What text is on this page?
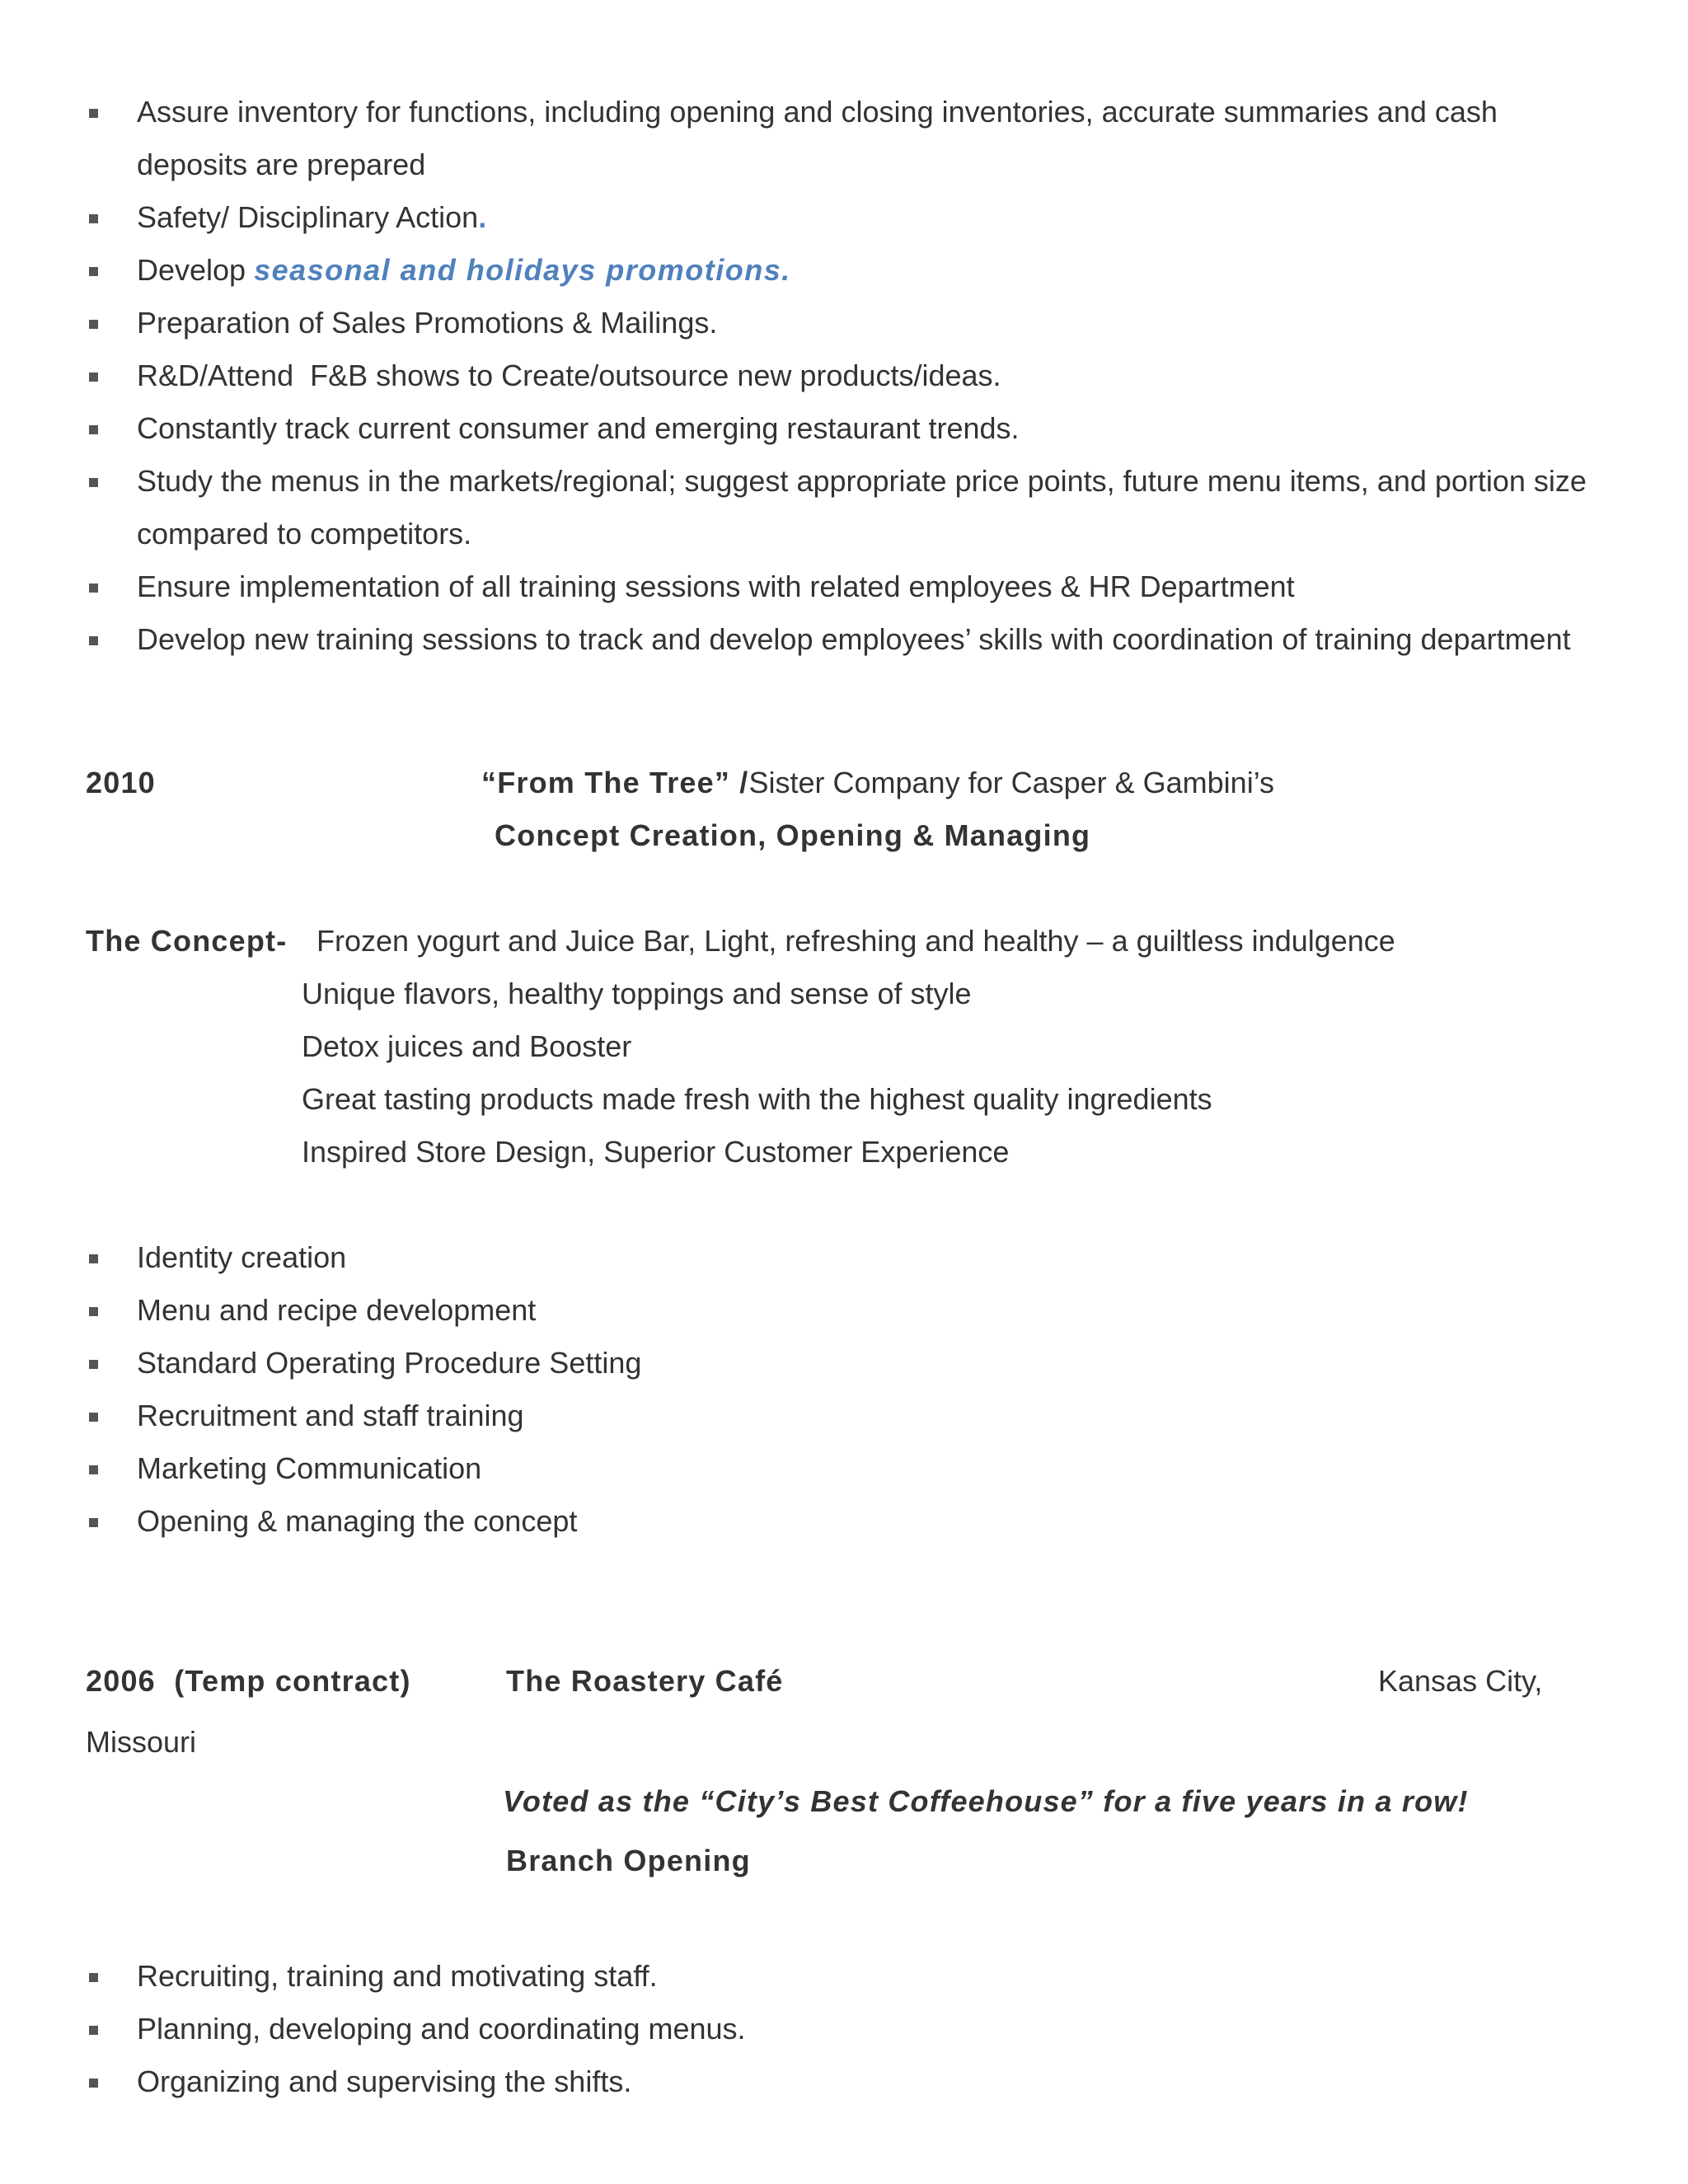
Assure inventory for functions, including opening and closing inventories, accurate summaries and cash
deposits are prepared
Safety/ Disciplinary Action.
Develop seasonal and holidays promotions.
Preparation of Sales Promotions & Mailings.
R&D/Attend  F&B shows to Create/outsource new products/ideas.
Constantly track current consumer and emerging restaurant trends.
Study the menus in the markets/regional; suggest appropriate price points, future menu items, and portion size
compared to competitors.
Ensure implementation of all training sessions with related employees & HR Department
Develop new training sessions to track and develop employees’ skills with coordination of training department
2010	“From The Tree” /Sister Company for Casper & Gambini’s
Concept Creation, Opening & Managing
The Concept- Frozen yogurt and Juice Bar, Light, refreshing and healthy – a guiltless indulgence
Unique flavors, healthy toppings and sense of style
Detox juices and Booster
Great tasting products made fresh with the highest quality ingredients
Inspired Store Design, Superior Customer Experience
Identity creation
Menu and recipe development
Standard Operating Procedure Setting
Recruitment and staff training
Marketing Communication
Opening & managing the concept
2006  (Temp contract)	The Roastery Café	Kansas City,
Missouri
Voted as the “City’s Best Coffeehouse” for a five years in a row!
Branch Opening
Recruiting, training and motivating staff.
Planning, developing and coordinating menus.
Organizing and supervising the shifts.
